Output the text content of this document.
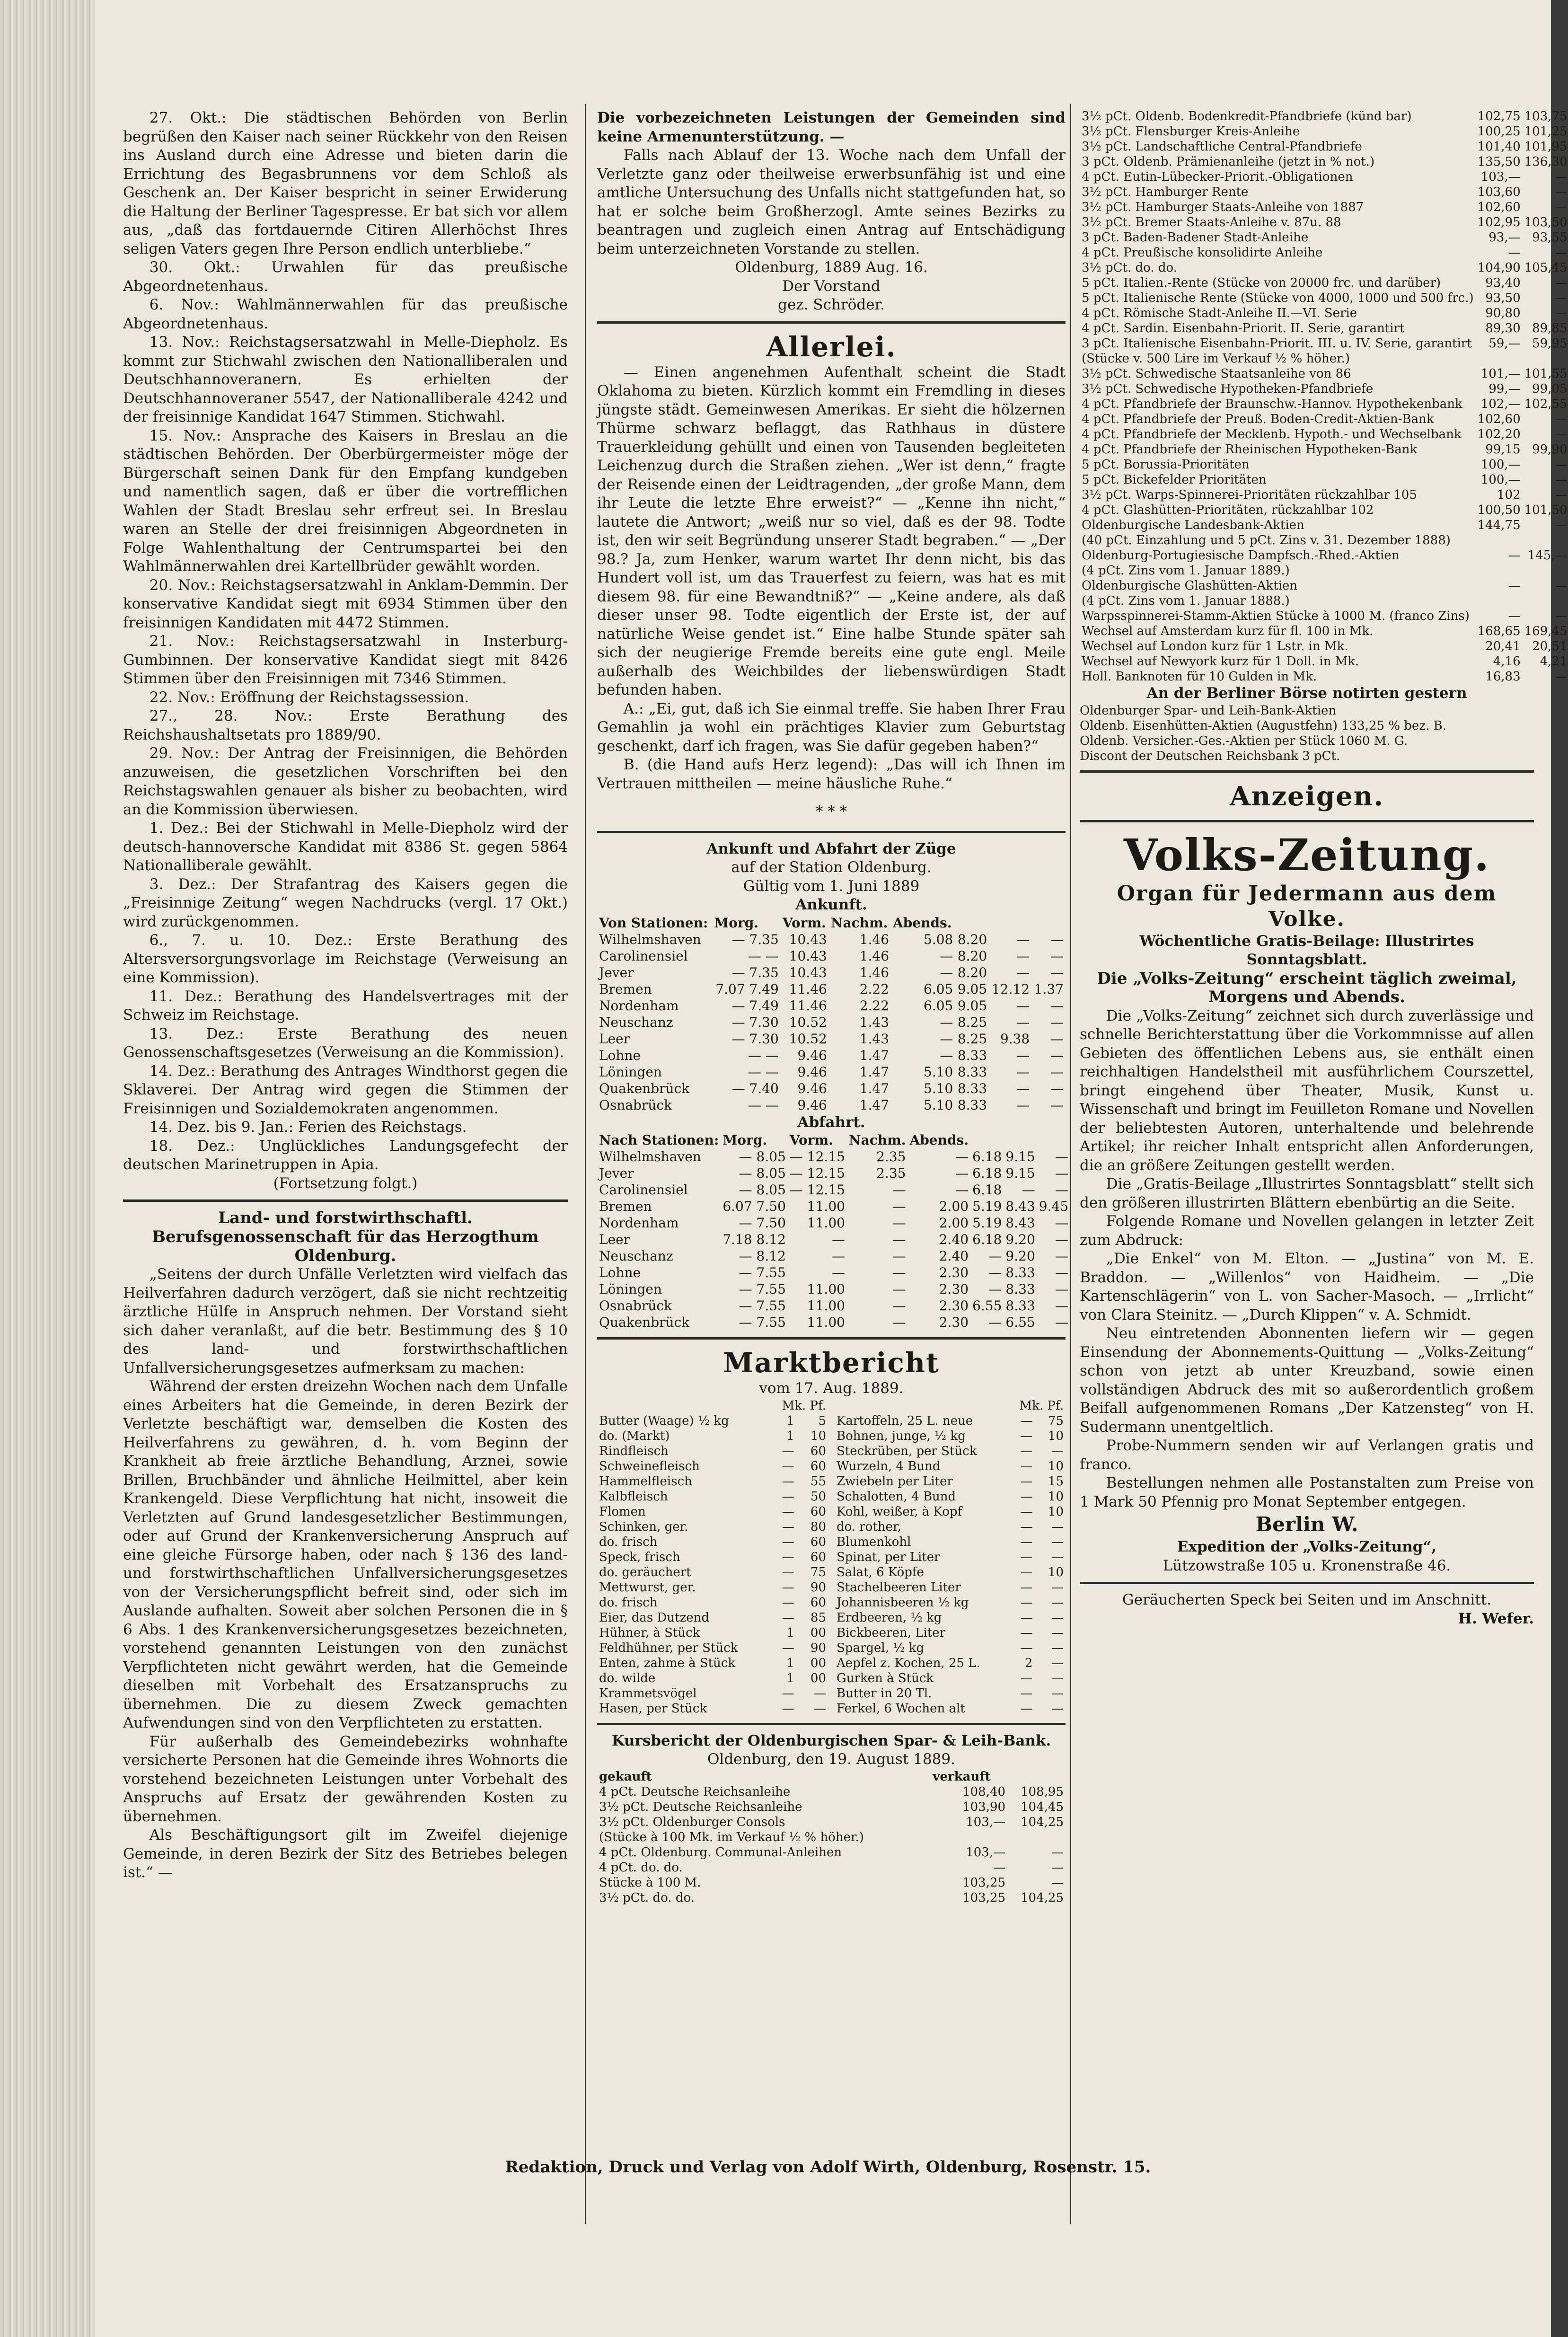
27. Okt.: Die städtischen Behörden von Berlin begrüßen den Kaiser nach seiner Rückkehr von den Reisen ins Ausland durch eine Adresse und bieten darin die Errichtung des Begasbrunnens vor dem Schloß als Geschenk an. Der Kaiser bespricht in seiner Erwiderung die Haltung der Berliner Tagespresse. Er bat sich vor allem aus, „daß das fortdauernde Citiren Allerhöchst Ihres seligen Vaters gegen Ihre Person endlich unterbliebe.“

30. Okt.: Urwahlen für das preußische Abgeordnetenhaus.

6. Nov.: Wahlmännerwahlen für das preußische Abgeordnetenhaus.

13. Nov.: Reichstagsersatzwahl in Melle-Diepholz. Es kommt zur Stichwahl zwischen den Nationalliberalen und Deutschhannoveranern. Es erhielten der Deutschhannoveraner 5547, der Nationalliberale 4242 und der freisinnige Kandidat 1647 Stimmen. Stichwahl.

15. Nov.: Ansprache des Kaisers in Breslau an die städtischen Behörden. Der Oberbürgermeister möge der Bürgerschaft seinen Dank für den Empfang kundgeben und namentlich sagen, daß er über die vortrefflichen Wahlen der Stadt Breslau sehr erfreut sei. In Breslau waren an Stelle der drei freisinnigen Abgeordneten in Folge Wahlenthaltung der Centrumspartei bei den Wahlmännerwahlen drei Kartellbrüder gewählt worden.

20. Nov.: Reichstagsersatzwahl in Anklam-Demmin. Der konservative Kandidat siegt mit 6934 Stimmen über den freisinnigen Kandidaten mit 4472 Stimmen.

21. Nov.: Reichstagsersatzwahl in Insterburg-Gumbinnen. Der konservative Kandidat siegt mit 8426 Stimmen über den Freisinnigen mit 7346 Stimmen.

22. Nov.: Eröffnung der Reichstagssession.

27., 28. Nov.: Erste Berathung des Reichshaushaltsetats pro 1889/90.

29. Nov.: Der Antrag der Freisinnigen, die Behörden anzuweisen, die gesetzlichen Vorschriften bei den Reichstagswahlen genauer als bisher zu beobachten, wird an die Kommission überwiesen.

1. Dez.: Bei der Stichwahl in Melle-Diepholz wird der deutsch-hannoversche Kandidat mit 8386 St. gegen 5864 Nationalliberale gewählt.

3. Dez.: Der Strafantrag des Kaisers gegen die „Freisinnige Zeitung“ wegen Nachdrucks (vergl. 17 Okt.) wird zurückgenommen.

6., 7. u. 10. Dez.: Erste Berathung des Altersversorgungsvorlage im Reichstage (Verweisung an eine Kommission).

11. Dez.: Berathung des Handelsvertrages mit der Schweiz im Reichstage.

13. Dez.: Erste Berathung des neuen Genossenschaftsgesetzes (Verweisung an die Kommission).

14. Dez.: Berathung des Antrages Windthorst gegen die Sklaverei. Der Antrag wird gegen die Stimmen der Freisinnigen und Sozialdemokraten angenommen.

14. Dez. bis 9. Jan.: Ferien des Reichstags.

18. Dez.: Unglückliches Landungsgefecht der deutschen Marinetruppen in Apia.

(Fortsetzung folgt.)

Land- und forstwirthschaftl. Berufsgenossenschaft für das Herzogthum Oldenburg.

„Seitens der durch Unfälle Verletzten wird vielfach das Heilverfahren dadurch verzögert, daß sie nicht rechtzeitig ärztliche Hülfe in Anspruch nehmen. Der Vorstand sieht sich daher veranlaßt, auf die betr. Bestimmung des § 10 des land- und forstwirthschaftlichen Unfallversicherungsgesetzes aufmerksam zu machen:

Während der ersten dreizehn Wochen nach dem Unfalle eines Arbeiters hat die Gemeinde, in deren Bezirk der Verletzte beschäftigt war, demselben die Kosten des Heilverfahrens zu gewähren, d. h. vom Beginn der Krankheit ab freie ärztliche Behandlung, Arznei, sowie Brillen, Bruchbänder und ähnliche Heilmittel, aber kein Krankengeld. Diese Verpflichtung hat nicht, insoweit die Verletzten auf Grund landesgesetzlicher Bestimmungen, oder auf Grund der Krankenversicherung Anspruch auf eine gleiche Fürsorge haben, oder nach § 136 des land- und forstwirthschaftlichen Unfallversicherungsgesetzes von der Versicherungspflicht befreit sind, oder sich im Auslande aufhalten. Soweit aber solchen Personen die in § 6 Abs. 1 des Krankenversicherungsgesetzes bezeichneten, vorstehend genannten Leistungen von den zunächst Verpflichteten nicht gewährt werden, hat die Gemeinde dieselben mit Vorbehalt des Ersatzanspruchs zu übernehmen. Die zu diesem Zweck gemachten Aufwendungen sind von den Verpflichteten zu erstatten.

Für außerhalb des Gemeindebezirks wohnhafte versicherte Personen hat die Gemeinde ihres Wohnorts die vorstehend bezeichneten Leistungen unter Vorbehalt des Anspruchs auf Ersatz der gewährenden Kosten zu übernehmen.

Als Beschäftigungsort gilt im Zweifel diejenige Gemeinde, in deren Bezirk der Sitz des Betriebes belegen ist.“ —

Die vorbezeichneten Leistungen der Gemeinden sind keine Armenunterstützung. —

Falls nach Ablauf der 13. Woche nach dem Unfall der Verletzte ganz oder theilweise erwerbsunfähig ist und eine amtliche Untersuchung des Unfalls nicht stattgefunden hat, so hat er solche beim Großherzogl. Amte seines Bezirks zu beantragen und zugleich einen Antrag auf Entschädigung beim unterzeichneten Vorstande zu stellen.

Oldenburg, 1889 Aug. 16.

Der Vorstand

gez. Schröder.

Allerlei.

— Einen angenehmen Aufenthalt scheint die Stadt Oklahoma zu bieten. Kürzlich kommt ein Fremdling in dieses jüngste städt. Gemeinwesen Amerikas. Er sieht die hölzernen Thürme schwarz beflaggt, das Rathhaus in düstere Trauerkleidung gehüllt und einen von Tausenden begleiteten Leichenzug durch die Straßen ziehen. „Wer ist denn,“ fragte der Reisende einen der Leidtragenden, „der große Mann, dem ihr Leute die letzte Ehre erweist?“ — „Kenne ihn nicht,“ lautete die Antwort; „weiß nur so viel, daß es der 98. Todte ist, den wir seit Begründung unserer Stadt begraben.“ — „Der 98.? Ja, zum Henker, warum wartet Ihr denn nicht, bis das Hundert voll ist, um das Trauerfest zu feiern, was hat es mit diesem 98. für eine Bewandtniß?“ — „Keine andere, als daß dieser unser 98. Todte eigentlich der Erste ist, der auf natürliche Weise gendet ist.“ Eine halbe Stunde später sah sich der neugierige Fremde bereits eine gute engl. Meile außerhalb des Weichbildes der liebenswürdigen Stadt befunden haben.

A.: „Ei, gut, daß ich Sie einmal treffe. Sie haben Ihrer Frau Gemahlin ja wohl ein prächtiges Klavier zum Geburtstag geschenkt, darf ich fragen, was Sie dafür gegeben haben?“

B. (die Hand aufs Herz legend): „Das will ich Ihnen im Vertrauen mittheilen — meine häusliche Ruhe.“

* * *

Ankunft und Abfahrt der Züge

auf der Station Oldenburg.

Gültig vom 1. Juni 1889

Ankunft.

Von Stationen:	Morg.	Vorm.	Nachm.	Abends.			
Wilhelmshaven	— 7.35	10.43	1.46	5.08	8.20	—	—
Carolinensiel	— —	10.43	1.46	—	8.20	—	—
Jever	— 7.35	10.43	1.46	—	8.20	—	—
Bremen	7.07 7.49	11.46	2.22	6.05	9.05	12.12	1.37
Nordenham	— 7.49	11.46	2.22	6.05	9.05	—	—
Neuschanz	— 7.30	10.52	1.43	—	8.25	—	—
Leer	— 7.30	10.52	1.43	—	8.25	9.38	—
Lohne	— —	9.46	1.47	—	8.33	—	—
Löningen	— —	9.46	1.47	5.10	8.33	—	—
Quakenbrück	— 7.40	9.46	1.47	5.10	8.33	—	—
Osnabrück	— —	9.46	1.47	5.10	8.33	—	—

Abfahrt.

Nach Stationen:	Morg.	Vorm.	Nachm.	Abends.			
Wilhelmshaven	— 8.05	— 12.15	2.35	—	6.18	9.15	—
Jever	— 8.05	— 12.15	2.35	—	6.18	9.15	—
Carolinensiel	— 8.05	— 12.15	—	—	6.18	—	—
Bremen	6.07 7.50	11.00	—	2.00	5.19	8.43	9.45
Nordenham	— 7.50	11.00	—	2.00	5.19	8.43	—
Leer	7.18 8.12	—	—	2.40	6.18	9.20	—
Neuschanz	— 8.12	—	—	2.40	—	9.20	—
Lohne	— 7.55	—	—	2.30	—	8.33	—
Löningen	— 7.55	11.00	—	2.30	—	8.33	—
Osnabrück	— 7.55	11.00	—	2.30	6.55	8.33	—
Quakenbrück	— 7.55	11.00	—	2.30	—	6.55	—
Marktbericht

vom 17. Aug. 1889.

	Mk. Pf.	
Butter (Waage) ½ kg	1	5
do. (Markt)	1	10
Rindfleisch	—	60
Schweinefleisch	—	60
Hammelfleisch	—	55
Kalbfleisch	—	50
Flomen	—	60
Schinken, ger.	—	80
do. frisch	—	60
Speck, frisch	—	60
do. geräuchert	—	75
Mettwurst, ger.	—	90
do. frisch	—	60
Eier, das Dutzend	—	85
Hühner, à Stück	1	00
Feldhühner, per Stück	—	90
Enten, zahme à Stück	1	00
do. wilde	1	00
Krammetsvögel	—	—
Hasen, per Stück	—	—
	Mk. Pf.	
Kartoffeln, 25 L. neue	—	75
Bohnen, junge, ½ kg	—	10
Steckrüben, per Stück	—	—
Wurzeln, 4 Bund	—	10
Zwiebeln per Liter	—	15
Schalotten, 4 Bund	—	10
Kohl, weißer, à Kopf	—	10
do. rother,	—	—
Blumenkohl	—	—
Spinat, per Liter	—	—
Salat, 6 Köpfe	—	10
Stachelbeeren Liter	—	—
Johannisbeeren ½ kg	—	—
Erdbeeren, ½ kg	—	—
Bickbeeren, Liter	—	—
Spargel, ½ kg	—	—
Aepfel z. Kochen, 25 L.	2	—
Gurken à Stück	—	—
Butter in 20 Tl.	—	—
Ferkel, 6 Wochen alt	—	—

Kursbericht der Oldenburgischen Spar- & Leih-Bank.

Oldenburg, den 19. August 1889.

gekauft	verkauft	
4 pCt. Deutsche Reichsanleihe	108,40	108,95
3½ pCt. Deutsche Reichsanleihe	103,90	104,45
3½ pCt. Oldenburger Consols	103,—	104,25
(Stücke à 100 Mk. im Verkauf ½ % höher.)		
4 pCt. Oldenburg. Communal-Anleihen	103,—	—
4 pCt. do. do.	—	—
Stücke à 100 M.	103,25	—
3½ pCt. do. do.	103,25	104,25
3½ pCt. Oldenb. Bodenkredit-Pfandbriefe (künd bar)	102,75	103,75
3½ pCt. Flensburger Kreis-Anleihe	100,25	101,25
3½ pCt. Landschaftliche Central-Pfandbriefe	101,40	101,95
3 pCt. Oldenb. Prämienanleihe (jetzt in % not.)	135,50	136,30
4 pCt. Eutin-Lübecker-Priorit.-Obligationen	103,—	—
3½ pCt. Hamburger Rente	103,60	—
3½ pCt. Hamburger Staats-Anleihe von 1887	102,60	—
3½ pCt. Bremer Staats-Anleihe v. 87u. 88	102,95	103,50
3 pCt. Baden-Badener Stadt-Anleihe	93,—	93,55
4 pCt. Preußische konsolidirte Anleihe	—	—
3½ pCt. do. do.	104,90	105,45
5 pCt. Italien.-Rente (Stücke von 20000 frc. und darüber)	93,40	—
5 pCt. Italienische Rente (Stücke von 4000, 1000 und 500 frc.)	93,50	—
4 pCt. Römische Stadt-Anleihe II.—VI. Serie	90,80	—
4 pCt. Sardin. Eisenbahn-Priorit. II. Serie, garantirt	89,30	89,85
3 pCt. Italienische Eisenbahn-Priorit. III. u. IV. Serie, garantirt	59,—	59,95
(Stücke v. 500 Lire im Verkauf ½ % höher.)		
3½ pCt. Schwedische Staatsanleihe von 86	101,—	101,55
3½ pCt. Schwedische Hypotheken-Pfandbriefe	99,—	99,05
4 pCt. Pfandbriefe der Braunschw.-Hannov. Hypothekenbank	102,—	102,55
4 pCt. Pfandbriefe der Preuß. Boden-Credit-Aktien-Bank	102,60	—
4 pCt. Pfandbriefe der Mecklenb. Hypoth.- und Wechselbank	102,20	—
4 pCt. Pfandbriefe der Rheinischen Hypotheken-Bank	99,15	99,90
5 pCt. Borussia-Prioritäten	100,—	—
5 pCt. Bickefelder Prioritäten	100,—	—
3½ pCt. Warps-Spinnerei-Prioritäten rückzahlbar 105	102	—
4 pCt. Glashütten-Prioritäten, rückzahlbar 102	100,50	101,50
Oldenburgische Landesbank-Aktien	144,75	—
(40 pCt. Einzahlung und 5 pCt. Zins v. 31. Dezember 1888)		
Oldenburg-Portugiesische Dampfsch.-Rhed.-Aktien	—	145,—
(4 pCt. Zins vom 1. Januar 1889.)		
Oldenburgische Glashütten-Aktien	—	—
(4 pCt. Zins vom 1. Januar 1888.)		
Warpsspinnerei-Stamm-Aktien Stücke à 1000 M. (franco Zins)	—	—
Wechsel auf Amsterdam kurz für fl. 100 in Mk.	168,65	169,45
Wechsel auf London kurz für 1 Lstr. in Mk.	20,41	20,51
Wechsel auf Newyork kurz für 1 Doll. in Mk.	4,16	4,21
Holl. Banknoten für 10 Gulden in Mk.	16,83	—

An der Berliner Börse notirten gestern

Oldenburger Spar- und Leih-Bank-Aktien

Oldenb. Eisenhütten-Aktien (Augustfehn) 133,25 % bez. B.

Oldenb. Versicher.-Ges.-Aktien per Stück 1060 M. G.

Discont der Deutschen Reichsbank 3 pCt.

Anzeigen.
Volks-Zeitung.
Organ für Jedermann aus dem
Volke.

Wöchentliche Gratis-Beilage: Illustrirtes Sonntagsblatt.

Die „Volks-Zeitung“ erscheint täglich zweimal, Morgens und Abends.

Die „Volks-Zeitung“ zeichnet sich durch zuverlässige und schnelle Berichterstattung über die Vorkommnisse auf allen Gebieten des öffentlichen Lebens aus, sie enthält einen reichhaltigen Handelstheil mit ausführlichem Courszettel, bringt eingehend über Theater, Musik, Kunst u. Wissenschaft und bringt im Feuilleton Romane und Novellen der beliebtesten Autoren, unterhaltende und belehrende Artikel; ihr reicher Inhalt entspricht allen Anforderungen, die an größere Zeitungen gestellt werden.

Die „Gratis-Beilage „Illustrirtes Sonntagsblatt“ stellt sich den größeren illustrirten Blättern ebenbürtig an die Seite.

Folgende Romane und Novellen gelangen in letzter Zeit zum Abdruck:

„Die Enkel“ von M. Elton. — „Justina“ von M. E. Braddon. — „Willenlos“ von Haidheim. — „Die Kartenschlägerin“ von L. von Sacher-Masoch. — „Irrlicht“ von Clara Steinitz. — „Durch Klippen“ v. A. Schmidt.

Neu eintretenden Abonnenten liefern wir — gegen Einsendung der Abonnements-Quittung — „Volks-Zeitung“ schon von jetzt ab unter Kreuzband, sowie einen vollständigen Abdruck des mit so außerordentlich großem Beifall aufgenommenen Romans „Der Katzensteg“ von H. Sudermann unentgeltlich.

Probe-Nummern senden wir auf Verlangen gratis und franco.

Bestellungen nehmen alle Postanstalten zum Preise von 1 Mark 50 Pfennig pro Monat September entgegen.

Berlin W.

Expedition der „Volks-Zeitung“,

Lützowstraße 105 u. Kronenstraße 46.

Geräucherten Speck bei Seiten und im Anschnitt.

H. Wefer.

Redaktion, Druck und Verlag von Adolf Wirth, Oldenburg, Rosenstr. 15.
